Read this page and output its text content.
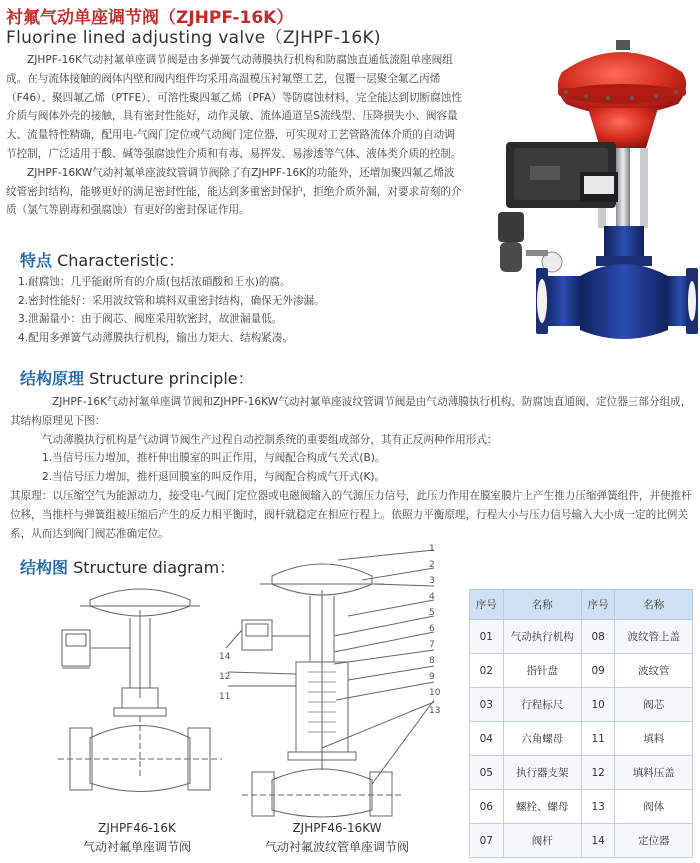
衬氟气动单座调节阀（ZJHPF-16K）
Fluorine lined adjusting valve（ZJHPF-16K)
ZJHPF-16K气动衬氟单座调节阀是由多弹簧气动薄膜执行机构和防腐蚀直通低流阻单座阀组成。在与流体接触的阀体内壁和阀内组件均采用高温模压衬氟塑工艺，包覆一层聚全氟乙丙烯（F46）、聚四氟乙烯（PTFE）、可溶性聚四氟乙烯（PFA）等防腐蚀材料，完全能达到切断腐蚀性介质与阀体外壳的接触，具有密封性能好，动作灵敏、流体通道呈S流线型、压降损失小、阀容量大、流量特性精确，配用电-气阀门定位或气动阀门定位器，可实现对工艺管路流体介质的自动调节控制，广泛适用于酸、碱等强腐蚀性介质和有毒、易挥发、易渗透等气体、液体类介质的控制。
ZJHPF-16KW气动衬氟单座波纹管调节阀除了有ZJHPF-16K的功能外，还增加聚四氟乙烯波纹管密封结构，能够更好的满足密封性能，能达到多重密封保护，拒绝介质外漏，对要求苛刻的介质（氯气等剧毒和强腐蚀）有更好的密封保证作用。
特点 Characteristic：
1.耐腐蚀：几乎能耐所有的介质(包括浓硝酸和王水)的腐。
2.密封性能好：采用波纹管和填料双重密封结构，确保无外渗漏。
3.泄漏量小：由于阀芯、阀座采用软密封，故泄漏量低。
4.配用多弹簧气动薄膜执行机构，输出力矩大、结构紧凑。
结构原理 Structure principle：
ZJHPF-16K气动衬氟单座调节阀和ZJHPF-16KW气动衬氟单座波纹管调节阀是由气动薄膜执行机构、防腐蚀直通阀、定位器三部分组成，其结构原理见下图：
气动薄膜执行机构是气动调节阀生产过程自动控制系统的重要组成部分，其有正反两种作用形式：
1.当信号压力增加，推杆伸出膜室的叫正作用，与阀配合构成气关式(B)。
2.当信号压力增加，推杆退回膜室的叫反作用，与阀配合构成气开式(K)。
其原理：以压缩空气为能源动力，接受电-气阀门定位器或电磁阀输入的气源压力信号，此压力作用在膜室膜片上产生推力压缩弹簧组件，并使推杆位移，当推杆与弹簧组被压缩后产生的反力相平衡时，阀杆就稳定在相应行程上。依照力平衡原理，行程大小与压力信号输入大小成一定的比例关系，从而达到阀门阀芯准确定位。
结构图 Structure diagram：
ZJHPF46-16K
气动衬氟单座调节阀
1
2
3
4
5
6
7
8
9
10
13
14
12
11
ZJHPF46-16KW
气动衬氟波纹管单座调节阀
序号	名称	序号	名称
01	气动执行机构	08	波纹管上盖
02	指针盘	09	波纹管
03	行程标尺	10	阀芯
04	六角螺母	11	填料
05	执行器支架	12	填料压盖
06	螺栓、螺母	13	阀体
07	阀杆	14	定位器
